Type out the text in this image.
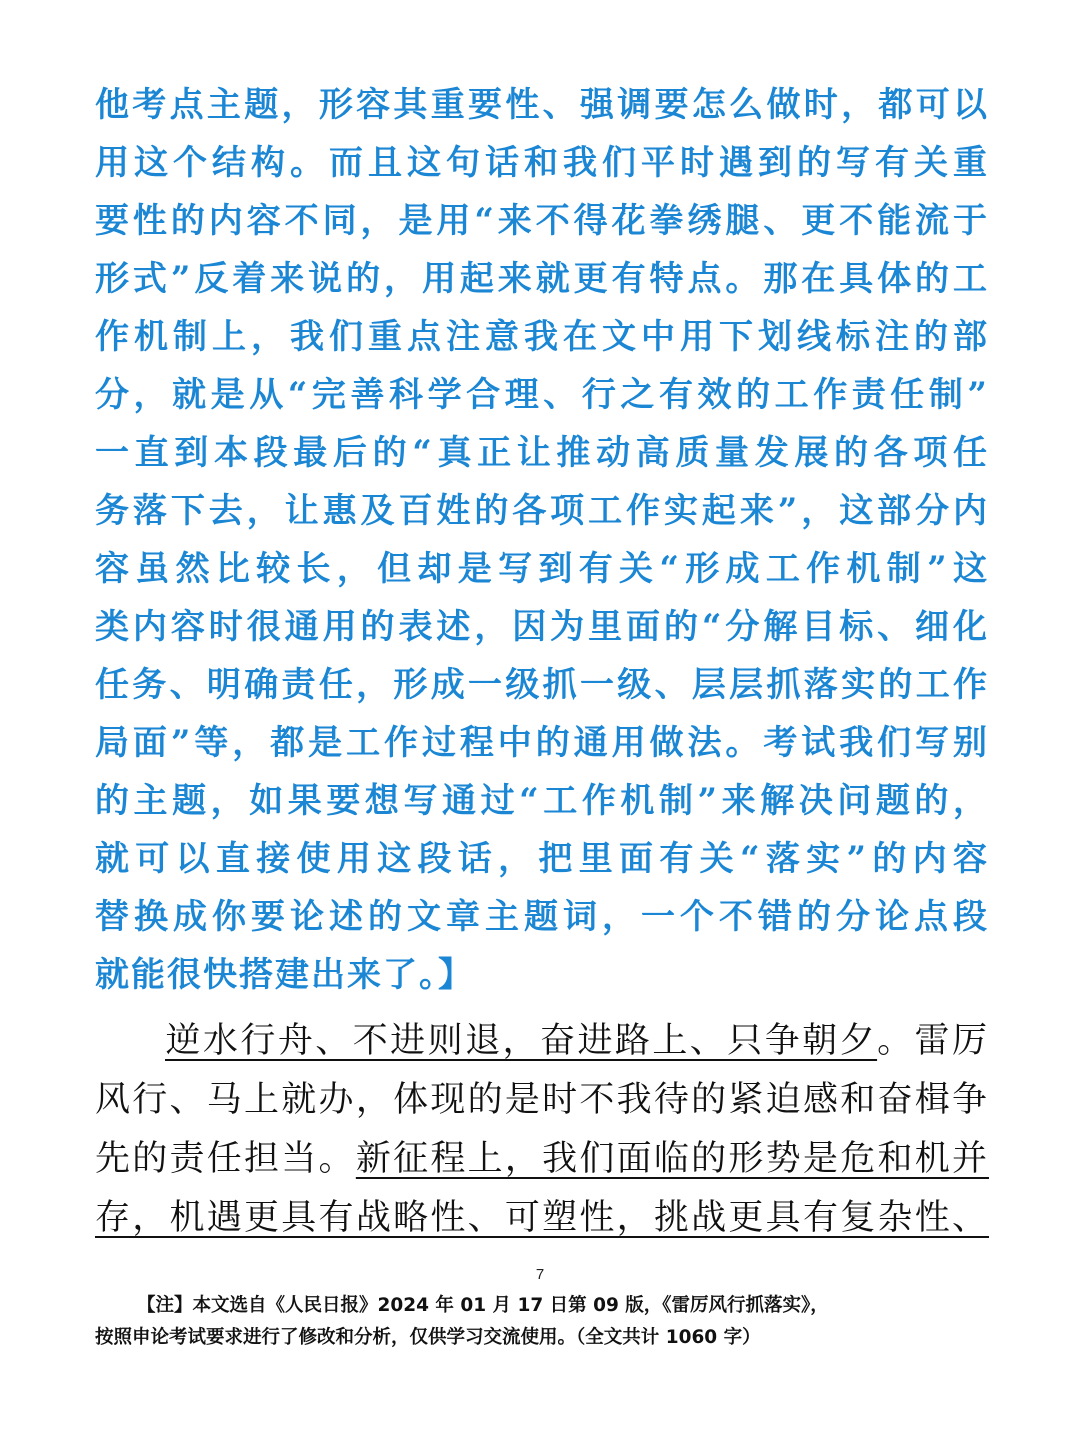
他考点主题，形容其重要性、强调要怎么做时，都可以
用这个结构。而且这句话和我们平时遇到的写有关重
要性的内容不同，是用“来不得花拳绣腿、更不能流于
形式”反着来说的，用起来就更有特点。那在具体的工
作机制上，我们重点注意我在文中用下划线标注的部
分，就是从“完善科学合理、行之有效的工作责任制”
一直到本段最后的“真正让推动高质量发展的各项任
务落下去，让惠及百姓的各项工作实起来”，这部分内
容虽然比较长，但却是写到有关“形成工作机制”这
类内容时很通用的表述，因为里面的“分解目标、细化
任务、明确责任，形成一级抓一级、层层抓落实的工作
局面”等，都是工作过程中的通用做法。考试我们写别
的主题，如果要想写通过“工作机制”来解决问题的，
就可以直接使用这段话，把里面有关“落实”的内容
替换成你要论述的文章主题词，一个不错的分论点段
就能很快搭建出来了。】
逆水行舟、不进则退，奋进路上、只争朝夕。雷厉
风行、马上就办，体现的是时不我待的紧迫感和奋楫争
先的责任担当。新征程上，我们面临的形势是危和机并
存，机遇更具有战略性、可塑性，挑战更具有复杂性、
7
【注】本文选自《人民日报》2024 年 01 月 17 日第 09 版，《雷厉风行抓落实》，
按照申论考试要求进行了修改和分析，仅供学习交流使用。（全文共计 1060 字）
